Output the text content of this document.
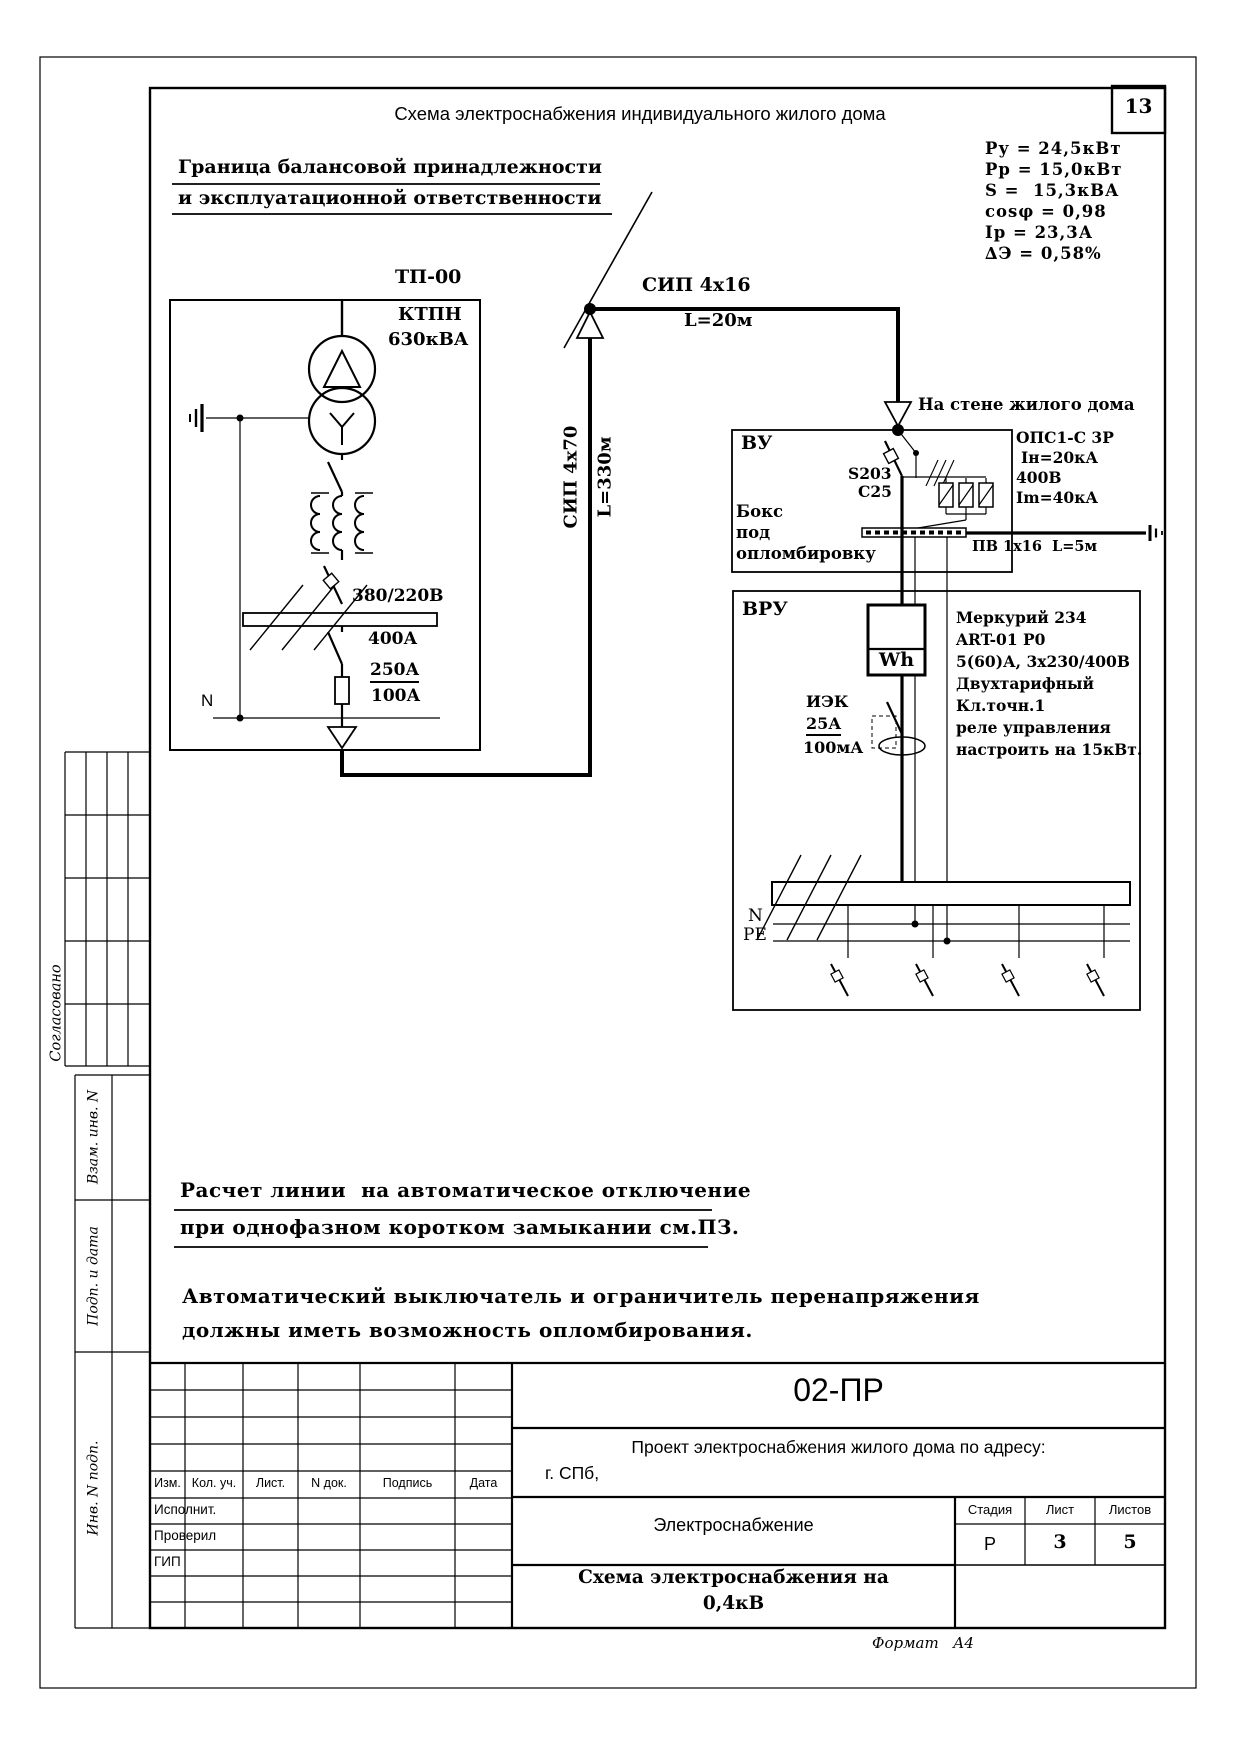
13
Схема электроснабжения индивидуального жилого дома
Ру = 24,5кВт
Рр = 15,0кВт
S =  15,3кВА
cosφ = 0,98
Iр = 23,3А
∆Э = 0,58%
Граница балансовой принадлежности
и эксплуатационной ответственности
ТП-00
КТПН
630кВА
380/220В
400А
250А
100А
N
СИП 4x16
L=20м
СИП 4x70 L=330м
На стене жилого дома
ВУ
S203
C25
ОПС1-С 3Р
Iн=20кА
400В
Im=40кА
Бокс
под
опломбировку	ПВ 1x16  L=5м
ВРУ
Wh
Меркурий 234
ART-01 Р0
5(60)А, 3x230/400В
Двухтарифный
Кл.точн.1
реле управления
настроить на 15кВт.
ИЭК
25А
100мА
N
PE
Расчет линии  на автоматическое отключение
при однофазном коротком замыкании см.ПЗ.
Автоматический выключатель и ограничитель перенапряжения
должны иметь возможность опломбирования.
02-ПР
Проект электроснабжения жилого дома по адресу:
г. СПб,
Электроснабжение
Стадия	Лист	Листов
Р	3	5
Схема электроснабжения на
0,4кВ
Изм. Кол. уч.	Лист.	N док.	Подпись	Дата
Исполнит.
Проверил
ГИП
Формат   А4
Согласовано
Взам. инв. N
Подп. и дата
Инв. N подп.
